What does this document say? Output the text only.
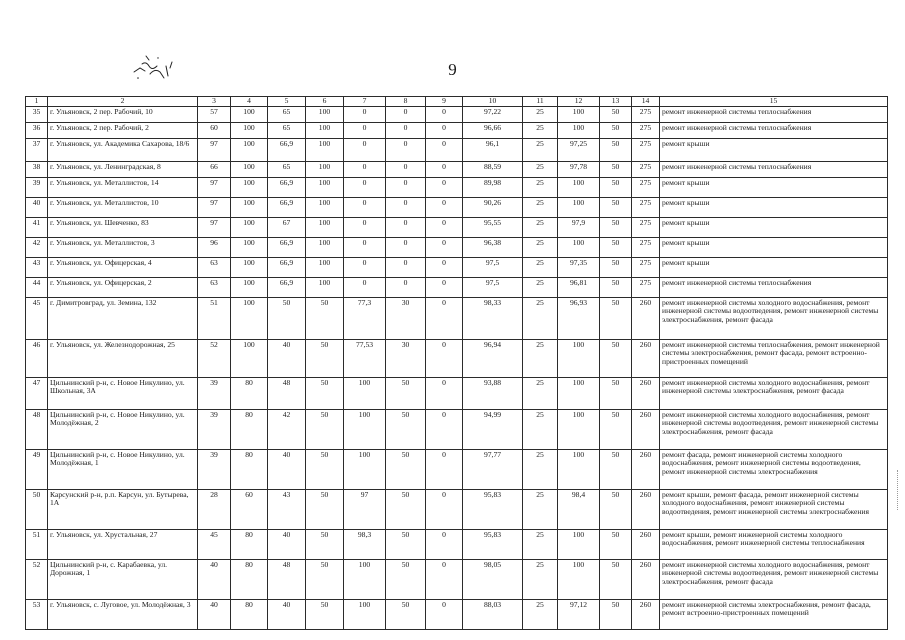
9
1	2	3	4	5	6	7	8	9	10	11	12	13	14	15
35	г. Ульяновск, 2 пер. Рабочий, 10	57	100	65	100	0	0	0	97,22	25	100	50	275	ремонт инженерной системы теплоснабжения
36	г. Ульяновск, 2 пер. Рабочий, 2	60	100	65	100	0	0	0	96,66	25	100	50	275	ремонт инженерной системы теплоснабжения
37	г. Ульяновск, ул. Академика Сахарова, 18/6	97	100	66,9	100	0	0	0	96,1	25	97,25	50	275	ремонт крыши
38	г. Ульяновск, ул. Ленинградская, 8	66	100	65	100	0	0	0	88,59	25	97,78	50	275	ремонт инженерной системы теплоснабжения
39	г. Ульяновск, ул. Металлистов, 14	97	100	66,9	100	0	0	0	89,98	25	100	50	275	ремонт крыши
40	г. Ульяновск, ул. Металлистов, 10	97	100	66,9	100	0	0	0	90,26	25	100	50	275	ремонт крыши
41	г. Ульяновск, ул. Шевченко, 83	97	100	67	100	0	0	0	95,55	25	97,9	50	275	ремонт крыши
42	г. Ульяновск, ул. Металлистов, 3	96	100	66,9	100	0	0	0	96,38	25	100	50	275	ремонт крыши
43	г. Ульяновск, ул. Офицерская, 4	63	100	66,9	100	0	0	0	97,5	25	97,35	50	275	ремонт крыши
44	г. Ульяновск, ул. Офицерская, 2	63	100	66,9	100	0	0	0	97,5	25	96,81	50	275	ремонт инженерной системы теплоснабжения
45	г. Димитровград, ул. Земина, 132	51	100	50	50	77,3	30	0	98,33	25	96,93	50	260	ремонт инженерной системы холодного водоснабжения, ремонт инженерной системы водоотведения, ремонт инженерной системы электроснабжения, ремонт фасада
46	г. Ульяновск, ул. Железнодорожная, 25	52	100	40	50	77,53	30	0	96,94	25	100	50	260	ремонт инженерной системы теплоснабжения, ремонт инженерной системы электроснабжения, ремонт фасада, ремонт встроенно-пристроенных помещений
47	Цильнинский р-н, с. Новое Никулино, ул. Школьная, 3А	39	80	48	50	100	50	0	93,88	25	100	50	260	ремонт инженерной системы холодного водоснабжения, ремонт инженерной системы электроснабжения, ремонт фасада
48	Цильнинский р-н, с. Новое Никулино, ул. Молодёжная, 2	39	80	42	50	100	50	0	94,99	25	100	50	260	ремонт инженерной системы холодного водоснабжения, ремонт инженерной системы водоотведения, ремонт инженерной системы электроснабжения, ремонт фасада
49	Цильнинский р-н, с. Новое Никулино, ул. Молодёжная, 1	39	80	40	50	100	50	0	97,77	25	100	50	260	ремонт фасада, ремонт инженерной системы холодного водоснабжения, ремонт инженерной системы водоотведения, ремонт инженерной системы электроснабжения
50	Карсунский р-н, р.п. Карсун, ул. Бутырева, 1А	28	60	43	50	97	50	0	95,83	25	98,4	50	260	ремонт крыши, ремонт фасада, ремонт инженерной системы холодного водоснабжения, ремонт инженерной системы водоотведения, ремонт инженерной системы электроснабжения
51	г. Ульяновск, ул. Хрустальная, 27	45	80	40	50	98,3	50	0	95,83	25	100	50	260	ремонт крыши, ремонт инженерной системы холодного водоснабжения, ремонт инженерной системы теплоснабжения
52	Цильнинский р-н, с. Карабаевка, ул. Дорожная, 1	40	80	48	50	100	50	0	98,05	25	100	50	260	ремонт инженерной системы холодного водоснабжения, ремонт инженерной системы водоотведения, ремонт инженерной системы электроснабжения, ремонт фасада
53	г. Ульяновск, с. Луговое, ул. Молодёжная, 3	40	80	40	50	100	50	0	88,03	25	97,12	50	260	ремонт инженерной системы электроснабжения, ремонт фасада, ремонт встроенно-пристроенных помещений
